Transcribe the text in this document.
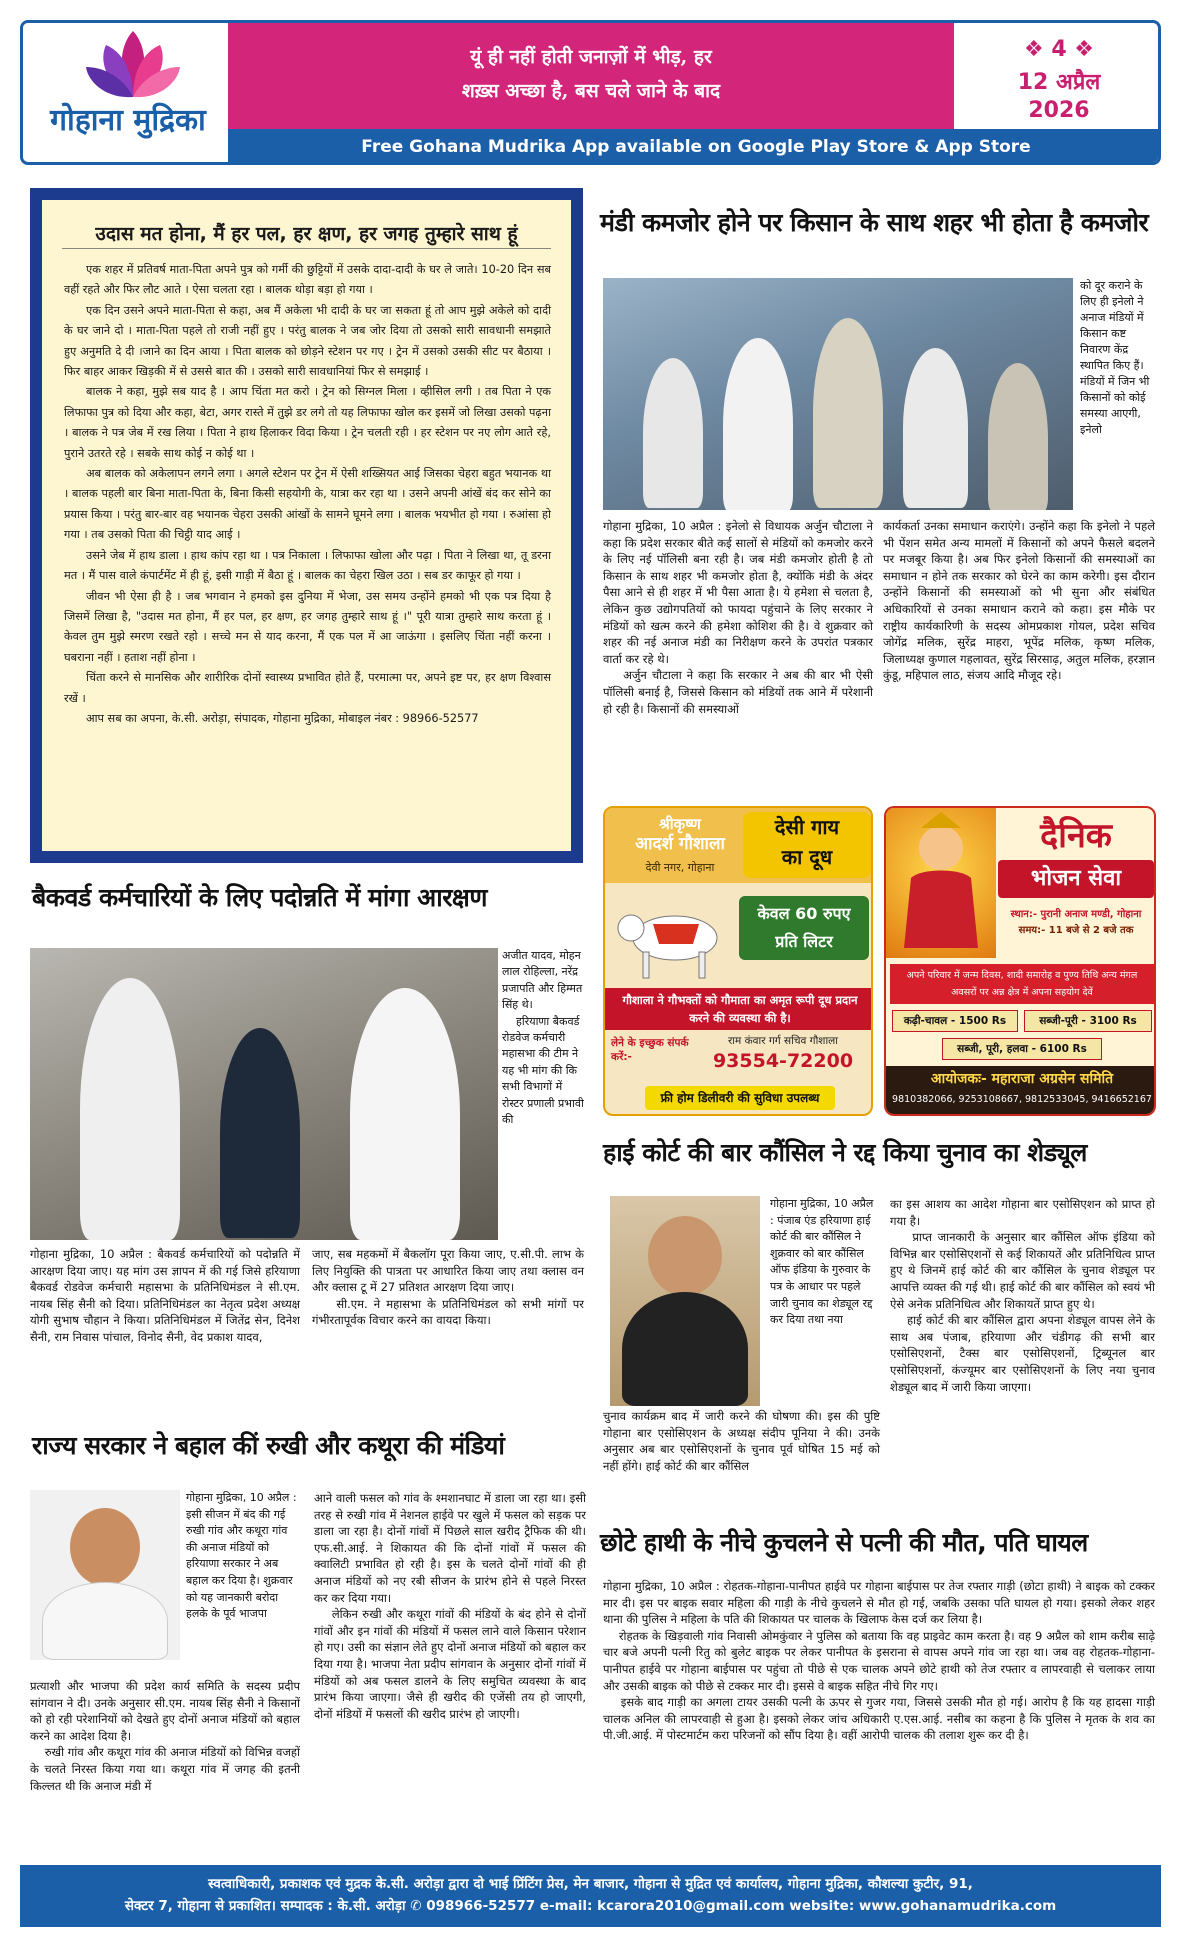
गोहाना मुद्रिका
यूं ही नहीं होती जनाज़ों में भीड़, हर
शख़्स अच्छा है, बस चले जाने के बाद
❖ 4 ❖
12 अप्रैल
2026
Free Gohana Mudrika App available on Google Play Store & App Store
उदास मत होना, मैं हर पल, हर क्षण, हर जगह तुम्हारे साथ हूं

एक शहर में प्रतिवर्ष माता-पिता अपने पुत्र को गर्मी की छुट्टियों में उसके दादा-दादी के घर ले जाते। 10-20 दिन सब वहीं रहते और फिर लौट आते । ऐसा चलता रहा । बालक थोड़ा बड़ा हो गया ।

एक दिन उसने अपने माता-पिता से कहा, अब मैं अकेला भी दादी के घर जा सकता हूं तो आप मुझे अकेले को दादी के घर जाने दो । माता-पिता पहले तो राजी नहीं हुए । परंतु बालक ने जब जोर दिया तो उसको सारी सावधानी समझाते हुए अनुमति दे दी ।जाने का दिन आया । पिता बालक को छोड़ने स्टेशन पर गए । ट्रेन में उसको उसकी सीट पर बैठाया । फिर बाहर आकर खिड़की में से उससे बात की । उसको सारी सावधानियां फिर से समझाई ।

बालक ने कहा, मुझे सब याद है । आप चिंता मत करो । ट्रेन को सिग्नल मिला । व्हीसिल लगी । तब पिता ने एक लिफाफा पुत्र को दिया और कहा, बेटा, अगर रास्ते में तुझे डर लगे तो यह लिफाफा खोल कर इसमें जो लिखा उसको पढ़ना । बालक ने पत्र जेब में रख लिया । पिता ने हाथ हिलाकर विदा किया । ट्रेन चलती रही । हर स्टेशन पर नए लोग आते रहे, पुराने उतरते रहे । सबके साथ कोई न कोई था ।

अब बालक को अकेलापन लगने लगा । अगले स्टेशन पर ट्रेन में ऐसी शख्सियत आई जिसका चेहरा बहुत भयानक था । बालक पहली बार बिना माता-पिता के, बिना किसी सहयोगी के, यात्रा कर रहा था । उसने अपनी आंखें बंद कर सोने का प्रयास किया । परंतु बार-बार वह भयानक चेहरा उसकी आंखों के सामने घूमने लगा । बालक भयभीत हो गया । रुआंसा हो गया । तब उसको पिता की चिट्ठी याद आई ।

उसने जेब में हाथ डाला । हाथ कांप रहा था । पत्र निकाला । लिफाफा खोला और पढ़ा । पिता ने लिखा था, तू डरना मत । मैं पास वाले कंपार्टमेंट में ही हूं, इसी गाड़ी में बैठा हूं । बालक का चेहरा खिल उठा । सब डर काफूर हो गया ।

जीवन भी ऐसा ही है । जब भगवान ने हमको इस दुनिया में भेजा, उस समय उन्होंने हमको भी एक पत्र दिया है जिसमें लिखा है, "उदास मत होना, मैं हर पल, हर क्षण, हर जगह तुम्हारे साथ हूं ।" पूरी यात्रा तुम्हारे साथ करता हूं । केवल तुम मुझे स्मरण रखते रहो । सच्चे मन से याद करना, मैं एक पल में आ जाऊंगा । इसलिए चिंता नहीं करना । घबराना नहीं । हताश नहीं होना ।

चिंता करने से मानसिक और शारीरिक दोनों स्वास्थ्य प्रभावित होते हैं, परमात्मा पर, अपने इष्ट पर, हर क्षण विश्वास रखें ।

आप सब का अपना, के.सी. अरोड़ा, संपादक, गोहाना मुद्रिका, मोबाइल नंबर : 98966-52577

मंडी कमजोर होने पर किसान के साथ शहर भी होता है कमजोर
को दूर कराने के लिए ही इनेलो ने अनाज मंडियों में किसान कष्ट निवारण केंद्र स्थापित किए हैं। मंडियों में जिन भी किसानों को कोई समस्या आएगी, इनेलो
गोहाना मुद्रिका, 10 अप्रैल : इनेलो से विधायक अर्जुन चौटाला ने कहा कि प्रदेश सरकार बीते कई सालों से मंडियों को कमजोर करने के लिए नई पॉलिसी बना रही है। जब मंडी कमजोर होती है तो किसान के साथ शहर भी कमजोर होता है, क्योंकि मंडी के अंदर पैसा आने से ही शहर में भी पैसा आता है। ये हमेशा से चलता है, लेकिन कुछ उद्योगपतियों को फायदा पहुंचाने के लिए सरकार ने मंडियों को खत्म करने की हमेशा कोशिश की है। वे शुक्रवार को शहर की नई अनाज मंडी का निरीक्षण करने के उपरांत पत्रकार वार्ता कर रहे थे।
अर्जुन चौटाला ने कहा कि सरकार ने अब की बार भी ऐसी पॉलिसी बनाई है, जिससे किसान को मंडियों तक आने में परेशानी हो रही है। किसानों की समस्याओं
कार्यकर्ता उनका समाधान कराएंगे। उन्होंने कहा कि इनेलो ने पहले भी पेंशन समेत अन्य मामलों में किसानों को अपने फैसले बदलने पर मजबूर किया है। अब फिर इनेलो किसानों की समस्याओं का समाधान न होने तक सरकार को घेरने का काम करेगी। इस दौरान उन्होंने किसानों की समस्याओं को भी सुना और संबंधित अधिकारियों से उनका समाधान कराने को कहा। इस मौके पर राष्ट्रीय कार्यकारिणी के सदस्य ओमप्रकाश गोयल, प्रदेश सचिव जोगेंद्र मलिक, सुरेंद्र माहरा, भूपेंद्र मलिक, कृष्ण मलिक, जिलाध्यक्ष कुणाल गहलावत, सुरेंद्र सिरसाढ़, अतुल मलिक, हरज्ञान कुंडू, महिपाल लाठ, संजय आदि मौजूद रहे।
श्रीकृष्ण
आदर्श गौशाला
देवी नगर, गोहाना
देसी गाय
का दूध
केवल 60 रुपए
प्रति लिटर
गौशाला ने गौभक्तों को गौमाता का अमृत रूपी दूध प्रदान करने की व्यवस्था की है।
लेने के इच्छुक संपर्क करें:-
राम कंवार गर्ग सचिव गौशाला
93554-72200
फ्री होम डिलीवरी की सुविधा उपलब्ध
दैनिक
भोजन सेवा
स्थान:- पुरानी अनाज मण्डी, गोहाना
समय:- 11 बजे से 2 बजे तक
अपने परिवार में जन्म दिवस, शादी समारोह व पुण्य तिथि अन्य मंगल अवसरों पर अन्न क्षेत्र में अपना सहयोग देवें
कढ़ी-चावल - 1500 Rs	सब्जी-पूरी - 3100 Rs
सब्जी, पूरी, हलवा - 6100 Rs
आयोजकः- महाराजा अग्रसेन समिति
9810382066, 9253108667, 9812533045, 9416652167
बैकवर्ड कर्मचारियों के लिए पदोन्नति में मांगा आरक्षण
अजीत यादव, मोहन लाल रोहिल्ला, नरेंद्र प्रजापति और हिम्मत सिंह थे।
हरियाणा बैकवर्ड रोडवेज कर्मचारी महासभा की टीम ने यह भी मांग की कि सभी विभागों में रोस्टर प्रणाली प्रभावी की
गोहाना मुद्रिका, 10 अप्रैल : बैकवर्ड कर्मचारियों को पदोन्नति में आरक्षण दिया जाए। यह मांग उस ज्ञापन में की गई जिसे हरियाणा बैकवर्ड रोडवेज कर्मचारी महासभा के प्रतिनिधिमंडल ने सी.एम. नायब सिंह सैनी को दिया। प्रतिनिधिमंडल का नेतृत्व प्रदेश अध्यक्ष योगी सुभाष चौहान ने किया। प्रतिनिधिमंडल में जितेंद्र सेन, दिनेश सैनी, राम निवास पांचाल, विनोद सैनी, वेद प्रकाश यादव,
जाए, सब महकमों में बैकलॉग पूरा किया जाए, ए.सी.पी. लाभ के लिए नियुक्ति की पात्रता पर आधारित किया जाए तथा क्लास वन और क्लास टू में 27 प्रतिशत आरक्षण दिया जाए।
सी.एम. ने महासभा के प्रतिनिधिमंडल को सभी मांगों पर गंभीरतापूर्वक विचार करने का वायदा किया।
हाई कोर्ट की बार कौंसिल ने रद्द किया चुनाव का शेड्यूल
गोहाना मुद्रिका, 10 अप्रैल : पंजाब एंड हरियाणा हाई कोर्ट की बार कौंसिल ने शुक्रवार को बार कौंसिल ऑफ इंडिया के गुरुवार के पत्र के आधार पर पहले जारी चुनाव का शेड्यूल रद्द कर दिया तथा नया
चुनाव कार्यक्रम बाद में जारी करने की घोषणा की। इस की पुष्टि गोहाना बार एसोसिएशन के अध्यक्ष संदीप पूनिया ने की। उनके अनुसार अब बार एसोसिएशनों के चुनाव पूर्व घोषित 15 मई को नहीं होंगे। हाई कोर्ट की बार कौंसिल
का इस आशय का आदेश गोहाना बार एसोसिएशन को प्राप्त हो गया है।
प्राप्त जानकारी के अनुसार बार कौंसिल ऑफ इंडिया को विभिन्न बार एसोसिएशनों से कई शिकायतें और प्रतिनिधित्व प्राप्त हुए थे जिनमें हाई कोर्ट की बार कौंसिल के चुनाव शेड्यूल पर आपत्ति व्यक्त की गई थी। हाई कोर्ट की बार कौंसिल को स्वयं भी ऐसे अनेक प्रतिनिधित्व और शिकायतें प्राप्त हुए थे।
हाई कोर्ट की बार कौंसिल द्वारा अपना शेड्यूल वापस लेने के साथ अब पंजाब, हरियाणा और चंडीगढ़ की सभी बार एसोसिएशनों, टैक्स बार एसोसिएशनों, ट्रिब्यूनल बार एसोसिएशनों, कंज्यूमर बार एसोसिएशनों के लिए नया चुनाव शेड्यूल बाद में जारी किया जाएगा।
राज्य सरकार ने बहाल कीं रुखी और कथूरा की मंडियां
गोहाना मुद्रिका, 10 अप्रैल : इसी सीजन में बंद की गई रुखी गांव और कथूरा गांव की अनाज मंडियों को हरियाणा सरकार ने अब बहाल कर दिया है। शुक्रवार को यह जानकारी बरोदा हलके के पूर्व भाजपा
प्रत्याशी और भाजपा की प्रदेश कार्य समिति के सदस्य प्रदीप सांगवान ने दी। उनके अनुसार सी.एम. नायब सिंह सैनी ने किसानों को हो रही परेशानियों को देखते हुए दोनों अनाज मंडियों को बहाल करने का आदेश दिया है।
रुखी गांव और कथूरा गांव की अनाज मंडियों को विभिन्न वजहों के चलते निरस्त किया गया था। कथूरा गांव में जगह की इतनी किल्लत थी कि अनाज मंडी में
आने वाली फसल को गांव के श्मशानघाट में डाला जा रहा था। इसी तरह से रुखी गांव में नेशनल हाईवे पर खुले में फसल को सड़क पर डाला जा रहा है। दोनों गांवों में पिछले साल खरीद ट्रैफिक की थी। एफ.सी.आई. ने शिकायत की कि दोनों गांवों में फसल की क्वालिटी प्रभावित हो रही है। इस के चलते दोनों गांवों की ही अनाज मंडियों को नए रबी सीजन के प्रारंभ होने से पहले निरस्त कर कर दिया गया।
लेकिन रुखी और कथूरा गांवों की मंडियों के बंद होने से दोनों गांवों और इन गांवों की मंडियों में फसल लाने वाले किसान परेशान हो गए। उसी का संज्ञान लेते हुए दोनों अनाज मंडियों को बहाल कर दिया गया है। भाजपा नेता प्रदीप सांगवान के अनुसार दोनों गांवों में मंडियों को अब फसल डालने के लिए समुचित व्यवस्था के बाद प्रारंभ किया जाएगा। जैसे ही खरीद की एजेंसी तय हो जाएगी, दोनों मंडियों में फसलों की खरीद प्रारंभ हो जाएगी।
छोटे हाथी के नीचे कुचलने से पत्नी की मौत, पति घायल
गोहाना मुद्रिका, 10 अप्रैल : रोहतक-गोहाना-पानीपत हाईवे पर गोहाना बाईपास पर तेज रफ्तार गाड़ी (छोटा हाथी) ने बाइक को टक्कर मार दी। इस पर बाइक सवार महिला की गाड़ी के नीचे कुचलने से मौत हो गई, जबकि उसका पति घायल हो गया। इसको लेकर शहर थाना की पुलिस ने महिला के पति की शिकायत पर चालक के खिलाफ केस दर्ज कर लिया है।
रोहतक के खिड़वाली गांव निवासी ओमकुंवार ने पुलिस को बताया कि वह प्राइवेट काम करता है। वह 9 अप्रैल को शाम करीब साढ़े चार बजे अपनी पत्नी रितु को बुलेट बाइक पर लेकर पानीपत के इसराना से वापस अपने गांव जा रहा था। जब वह रोहतक-गोहाना-पानीपत हाईवे पर गोहाना बाईपास पर पहुंचा तो पीछे से एक चालक अपने छोटे हाथी को तेज रफ्तार व लापरवाही से चलाकर लाया और उसकी बाइक को पीछे से टक्कर मार दी। इससे वे बाइक सहित नीचे गिर गए।
इसके बाद गाड़ी का अगला टायर उसकी पत्नी के ऊपर से गुजर गया, जिससे उसकी मौत हो गई। आरोप है कि यह हादसा गाड़ी चालक अनिल की लापरवाही से हुआ है। इसको लेकर जांच अधिकारी ए.एस.आई. नसीब का कहना है कि पुलिस ने मृतक के शव का पी.जी.आई. में पोस्टमार्टम करा परिजनों को सौंप दिया है। वहीं आरोपी चालक की तलाश शुरू कर दी है।
स्वत्वाधिकारी, प्रकाशक एवं मुद्रक के.सी. अरोड़ा द्वारा दो भाई प्रिंटिंग प्रेस, मेन बाजार, गोहाना से मुद्रित एवं कार्यालय, गोहाना मुद्रिका, कौशल्या कुटीर, 91,
सेक्टर 7, गोहाना से प्रकाशित। सम्पादक : के.सी. अरोड़ा ✆ 098966-52577 e-mail: kcarora2010@gmail.com website: www.gohanamudrika.com
